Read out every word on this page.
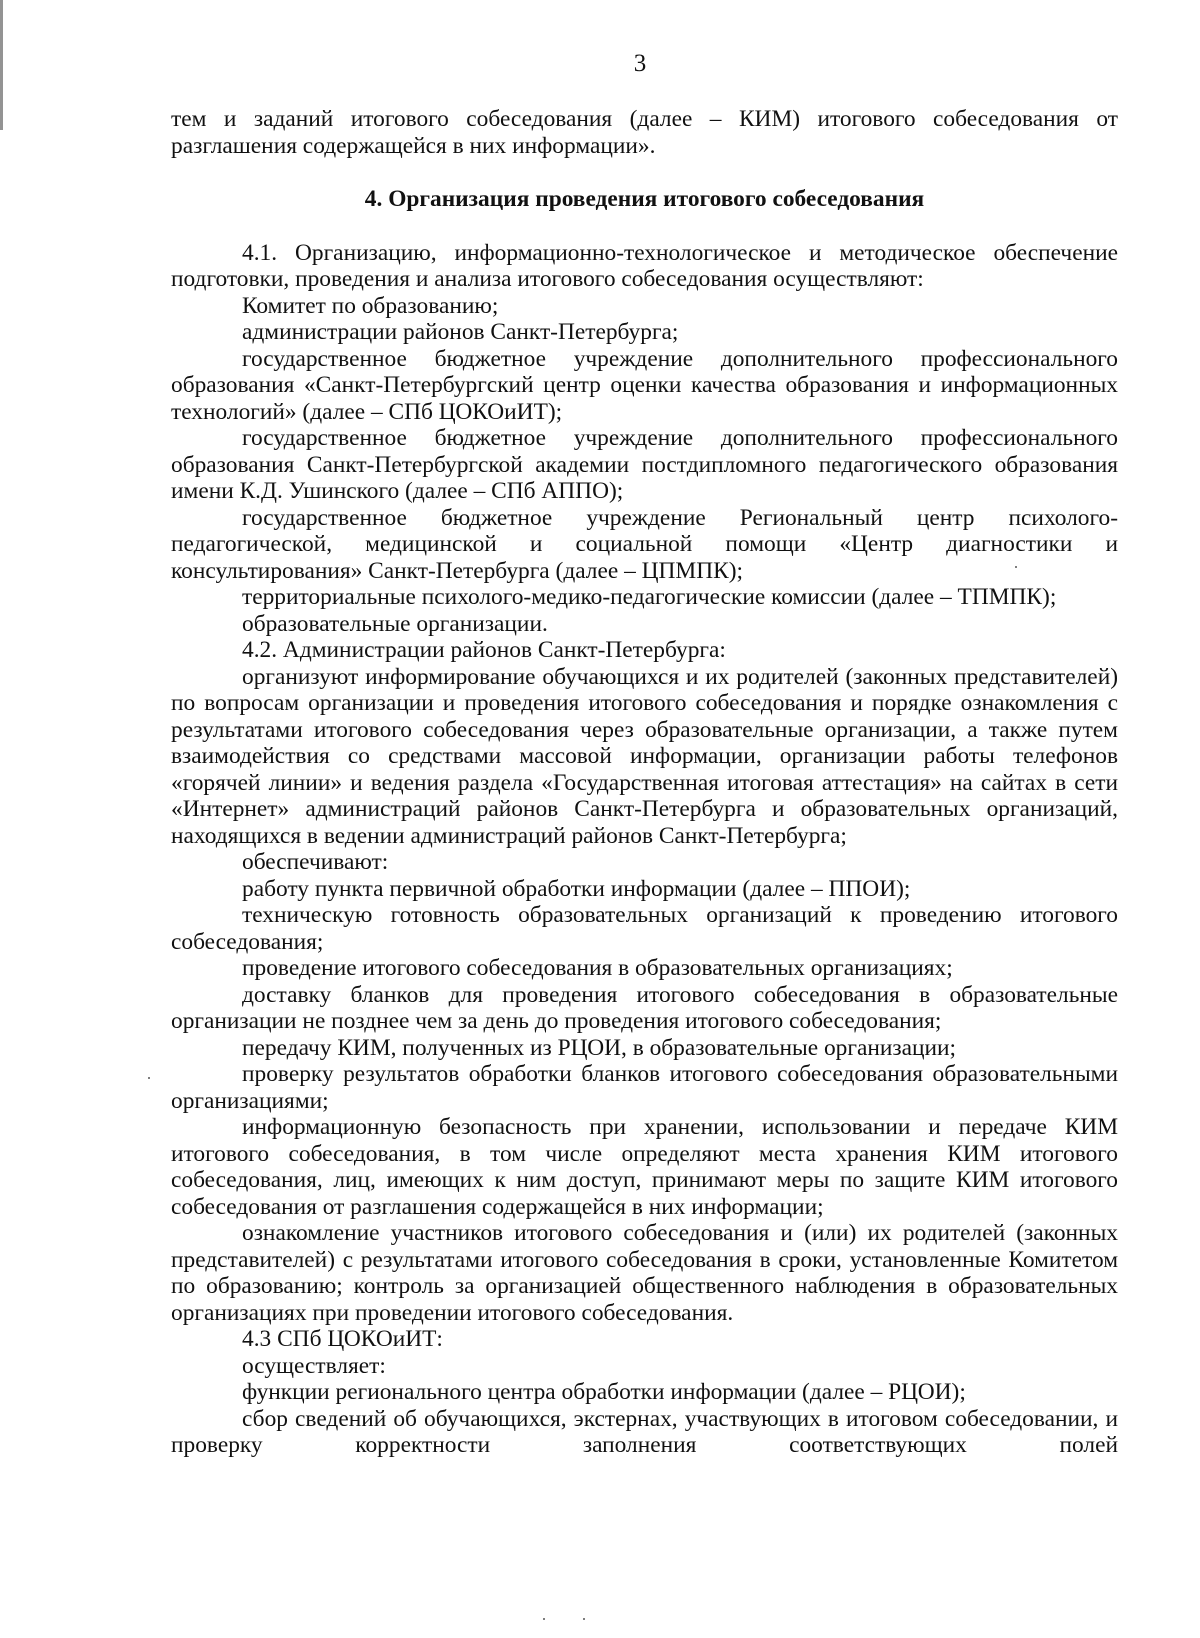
3

тем и заданий итогового собеседования (далее – КИМ) итогового собеседования от разглашения содержащейся в них информации».

4. Организация проведения итогового собеседования

4.1. Организацию, информационно-технологическое и методическое обеспечение подготовки, проведения и анализа итогового собеседования осуществляют:

Комитет по образованию;

администрации районов Санкт-Петербурга;

государственное бюджетное учреждение дополнительного профессионального образования «Санкт-Петербургский центр оценки качества образования и информационных технологий» (далее – СПб ЦОКОиИТ);

государственное бюджетное учреждение дополнительного профессионального образования Санкт-Петербургской академии постдипломного педагогического образования имени К.Д. Ушинского (далее – СПб АППО);

государственное бюджетное учреждение Региональный центр психолого-педагогической, медицинской и социальной помощи «Центр диагностики и консультирования» Санкт-Петербурга (далее – ЦПМПК);

территориальные психолого-медико-педагогические комиссии (далее – ТПМПК);

образовательные организации.

4.2. Администрации районов Санкт-Петербурга:

организуют информирование обучающихся и их родителей (законных представителей) по вопросам организации и проведения итогового собеседования и порядке ознакомления с результатами итогового собеседования через образовательные организации, а также путем взаимодействия со средствами массовой информации, организации работы телефонов «горячей линии» и ведения раздела «Государственная итоговая аттестация» на сайтах в сети «Интернет» администраций районов Санкт-Петербурга и образовательных организаций, находящихся в ведении администраций районов Санкт-Петербурга;

обеспечивают:

работу пункта первичной обработки информации (далее – ППОИ);

техническую готовность образовательных организаций к проведению итогового собеседования;

проведение итогового собеседования в образовательных организациях;

доставку бланков для проведения итогового собеседования в образовательные организации не позднее чем за день до проведения итогового собеседования;

передачу КИМ, полученных из РЦОИ, в образовательные организации;

проверку результатов обработки бланков итогового собеседования образовательными организациями;

информационную безопасность при хранении, использовании и передаче КИМ итогового собеседования, в том числе определяют места хранения КИМ итогового собеседования, лиц, имеющих к ним доступ, принимают меры по защите КИМ итогового собеседования от разглашения содержащейся в них информации;

ознакомление участников итогового собеседования и (или) их родителей (законных представителей) с результатами итогового собеседования в сроки, установленные Комитетом по образованию; контроль за организацией общественного наблюдения в образовательных организациях при проведении итогового собеседования.

4.3 СПб ЦОКОиИТ:

осуществляет:

функции регионального центра обработки информации (далее – РЦОИ);

сбор сведений об обучающихся, экстернах, участвующих в итоговом собеседовании, и проверку корректности заполнения соответствующих полей
